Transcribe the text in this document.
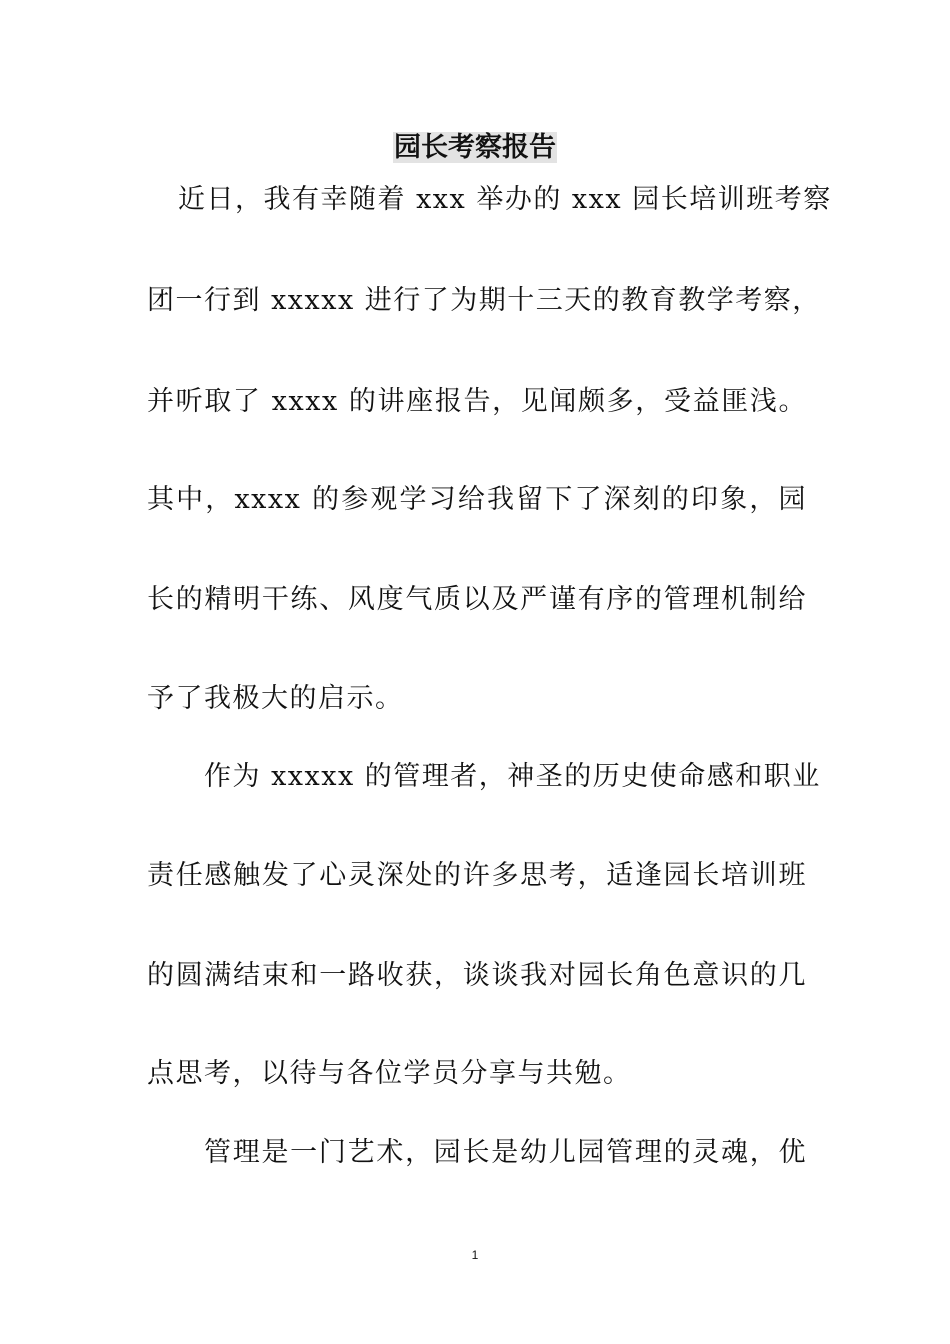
园长考察报告
近日，我有幸随着 xxx 举办的 xxx 园长培训班考察
团一行到 xxxxx 进行了为期十三天的教育教学考察，
并听取了 xxxx 的讲座报告，见闻颇多，受益匪浅。
其中，xxxx 的参观学习给我留下了深刻的印象，园
长的精明干练、风度气质以及严谨有序的管理机制给
予了我极大的启示。
作为 xxxxx 的管理者，神圣的历史使命感和职业
责任感触发了心灵深处的许多思考，适逢园长培训班
的圆满结束和一路收获，谈谈我对园长角色意识的几
点思考，以待与各位学员分享与共勉。
管理是一门艺术，园长是幼儿园管理的灵魂，优
1
